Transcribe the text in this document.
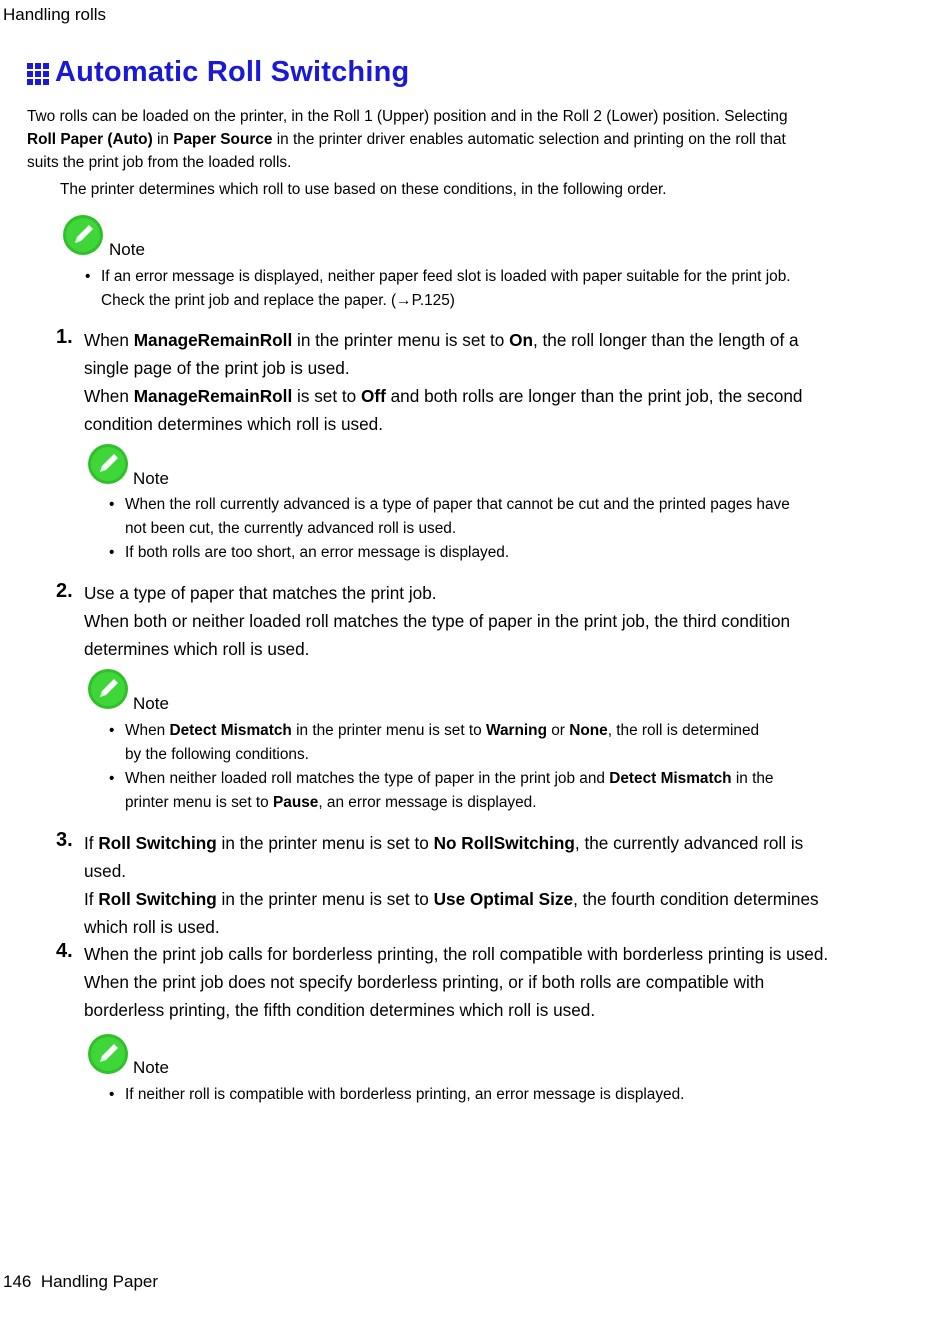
Handling rolls
Automatic Roll Switching
Two rolls can be loaded on the printer, in the Roll 1 (Upper) position and in the Roll 2 (Lower) position. Selecting
Roll Paper (Auto) in Paper Source in the printer driver enables automatic selection and printing on the roll that
suits the print job from the loaded rolls.
The printer determines which roll to use based on these conditions, in the following order.
Note
• If an error message is displayed, neither paper feed slot is loaded with paper suitable for the print job.
Check the print job and replace the paper. (→P.125)
1. When ManageRemainRoll in the printer menu is set to On, the roll longer than the length of a
single page of the print job is used.
When ManageRemainRoll is set to Off and both rolls are longer than the print job, the second
condition determines which roll is used.
Note
• When the roll currently advanced is a type of paper that cannot be cut and the printed pages have
not been cut, the currently advanced roll is used.
• If both rolls are too short, an error message is displayed.
2. Use a type of paper that matches the print job.
When both or neither loaded roll matches the type of paper in the print job, the third condition
determines which roll is used.
Note
• When Detect Mismatch in the printer menu is set to Warning or None, the roll is determined
by the following conditions.
• When neither loaded roll matches the type of paper in the print job and Detect Mismatch in the
printer menu is set to Pause, an error message is displayed.
3. If Roll Switching in the printer menu is set to No RollSwitching, the currently advanced roll is
used.
If Roll Switching in the printer menu is set to Use Optimal Size, the fourth condition determines
which roll is used.
4. When the print job calls for borderless printing, the roll compatible with borderless printing is used.
When the print job does not specify borderless printing, or if both rolls are compatible with
borderless printing, the fifth condition determines which roll is used.
Note
• If neither roll is compatible with borderless printing, an error message is displayed.
146 Handling Paper
